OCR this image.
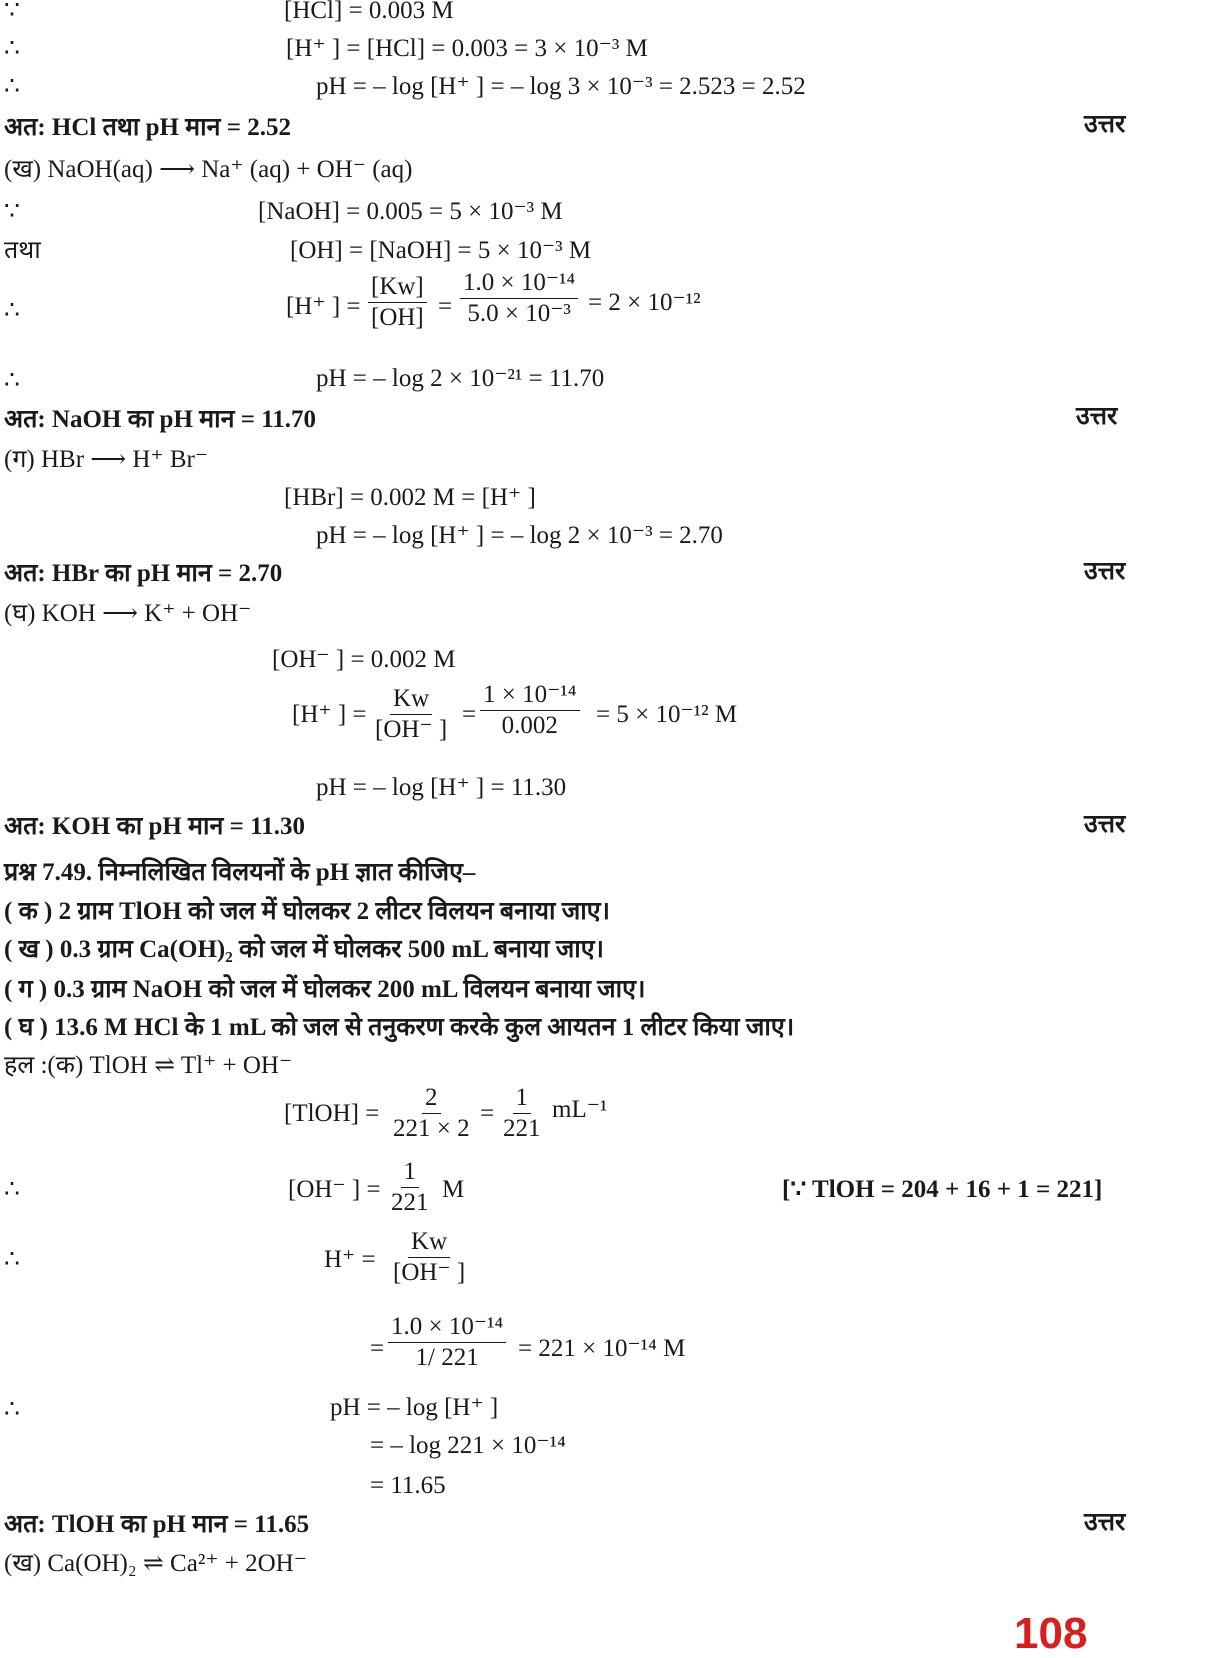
उत्तर
उत्तर
उत्तर
उत्तर
उत्तर
∵	[HCl] = 0.003 M
∴	[H⁺ ] = [HCl] = 0.003 = 3 × 10⁻³ M
∴	pH = – log [H⁺ ] = – log 3 × 10⁻³ = 2.523 = 2.52
अत: HCl तथा pH मान = 2.52
(ख) NaOH(aq) ⟶ Na⁺ (aq) + OH⁻ (aq)
∵	[NaOH] = 0.005 = 5 × 10⁻³ M
तथा	[OH] = [NaOH] = 5 × 10⁻³ M
∴	[H⁺ ] = $\frac{[Kw]}{[OH]} = \frac{\text{1.0 × 10⁻¹⁴}}{\text{5.0 × 10⁻³}} = 2 \times 10^{-12}$
∴	pH = – log 2 × 10⁻²¹ = 11.70
अत: NaOH का pH मान = 11.70
(ग) HBr ⟶ H⁺ Br⁻
[HBr] = 0.002 M = [H⁺ ]
pH = – log [H⁺ ] = – log 2 × 10⁻³ = 2.70
अत: HBr का pH मान = 2.70
(घ) KOH ⟶ K⁺ + OH⁻
[OH⁻ ] = 0.002 M
[H⁺ ] = $\frac{Kw}{[OH^- ]} = \frac{\text{1 × 10⁻¹⁴}}{0.002} = 5 \times 10^{-12}$ M
pH = – log [H⁺ ] = 11.30
अत: KOH का pH मान = 11.30
प्रश्न 7.49. निम्नलिखित विलयनों के pH ज्ञात कीजिए–
( क ) 2 ग्राम TlOH को जल में घोलकर 2 लीटर विलयन बनाया जाए।
( ख ) 0.3 ग्राम Ca(OH)₂ को जल में घोलकर 500 mL बनाया जाए।
( ग ) 0.3 ग्राम NaOH को जल में घोलकर 200 mL विलयन बनाया जाए।
( घ ) 13.6 M HCl के 1 mL को जल से तनुकरण करके कुल आयतन 1 लीटर किया जाए।
हल :(क) TlOH ⇌ Tl⁺ + OH⁻
[TlOH] = $\frac{2}{221 \times 2} = \frac{1}{221} mL^{-1}$
∴	[OH⁻ ] = $\frac{1}{221}$ M	[∵ TlOH = 204 + 16 + 1 = 221]
∴	$H^+ = \frac{Kw}{[OH^- ]}$
= $\frac{\text{1.0 × 10⁻¹⁴}}{1/ 221} = 221 \times 10^{-14}$ M
∴	pH = – log [H⁺ ]
= – log 221 × 10⁻¹⁴
= 11.65
अत: TlOH का pH मान = 11.65
(ख) Ca(OH)₂ ⇌ Ca²⁺ + 2OH⁻
108
